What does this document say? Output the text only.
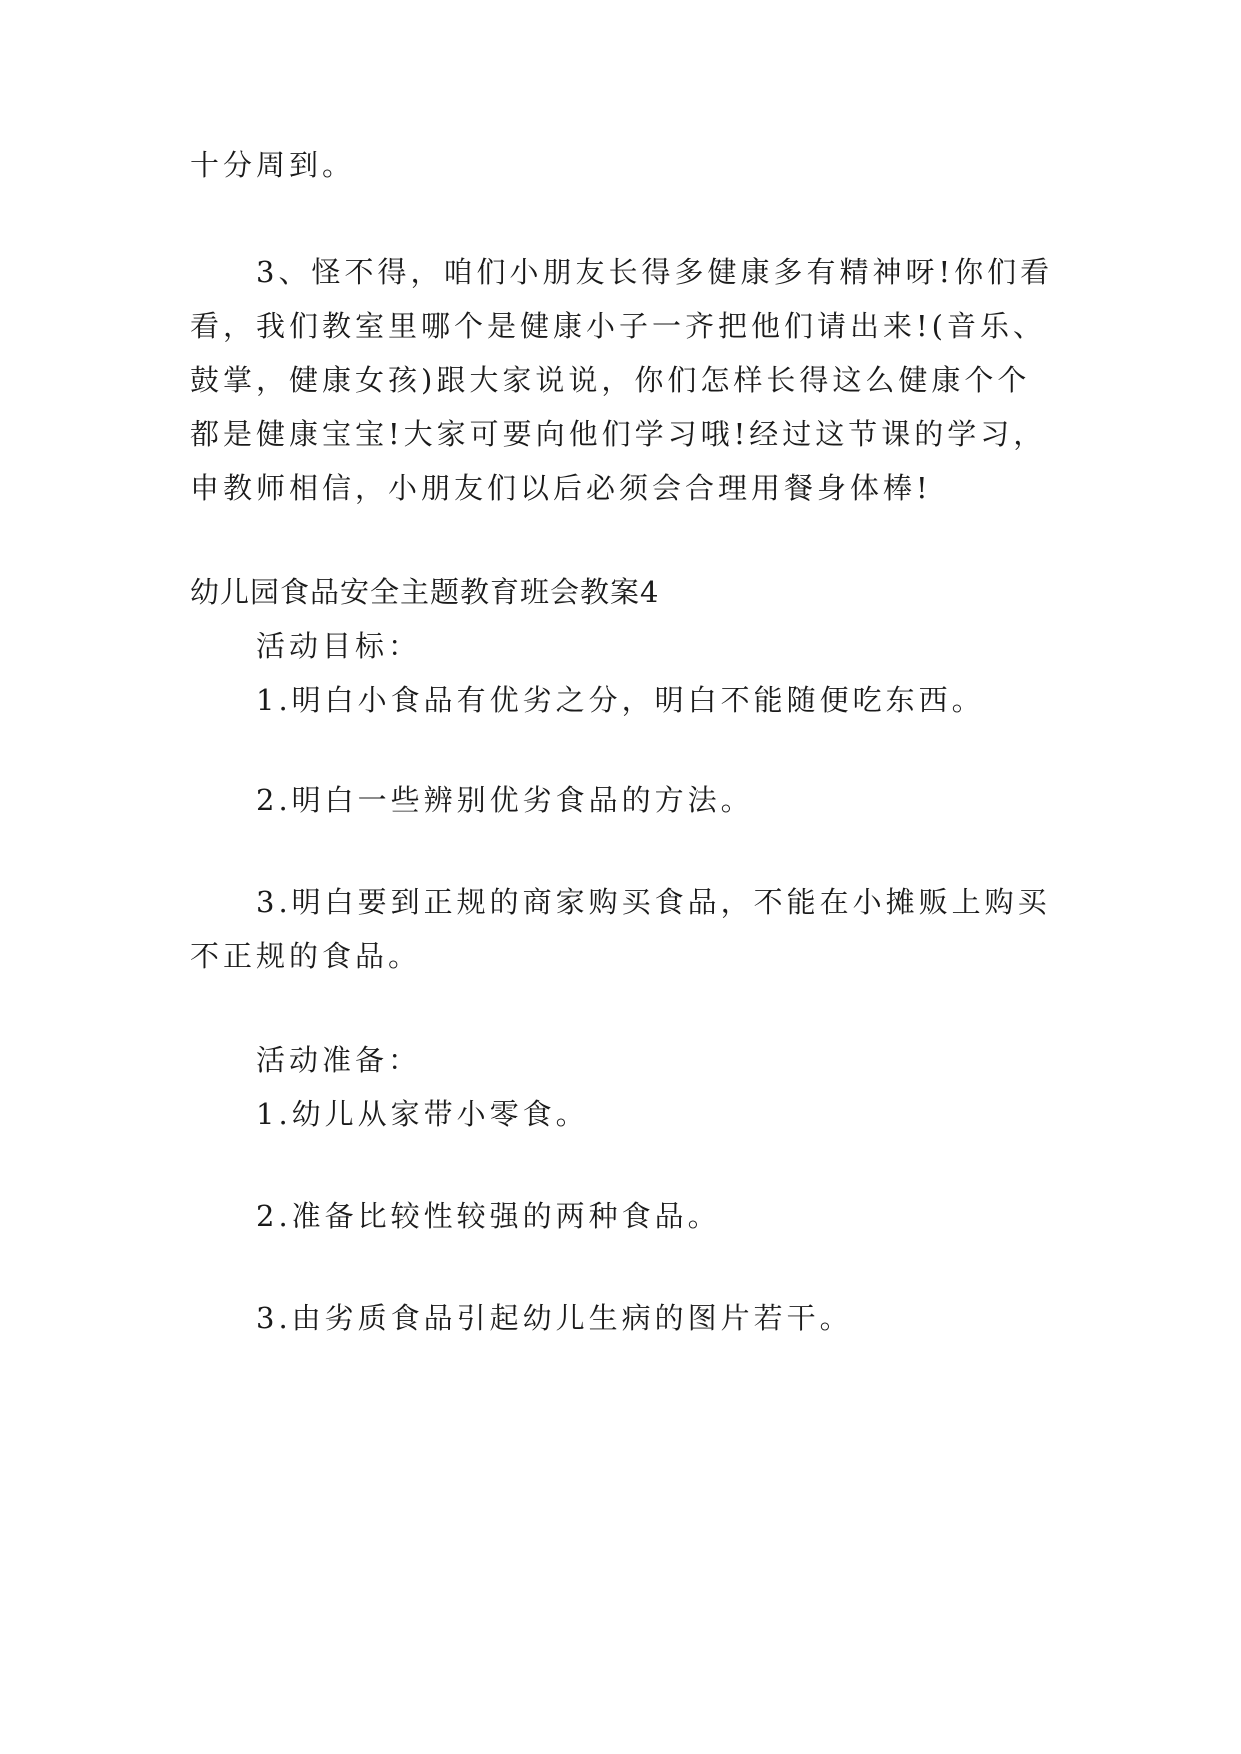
十分周到。
3、怪不得，咱们小朋友长得多健康多有精神呀!你们看
看，我们教室里哪个是健康小子一齐把他们请出来!(音乐、
鼓掌，健康女孩)跟大家说说，你们怎样长得这么健康个个
都是健康宝宝!大家可要向他们学习哦!经过这节课的学习，
申教师相信，小朋友们以后必须会合理用餐身体棒!
幼儿园食品安全主题教育班会教案4
活动目标：
1.明白小食品有优劣之分，明白不能随便吃东西。
2.明白一些辨别优劣食品的方法。
3.明白要到正规的商家购买食品，不能在小摊贩上购买
不正规的食品。
活动准备：
1.幼儿从家带小零食。
2.准备比较性较强的两种食品。
3.由劣质食品引起幼儿生病的图片若干。
